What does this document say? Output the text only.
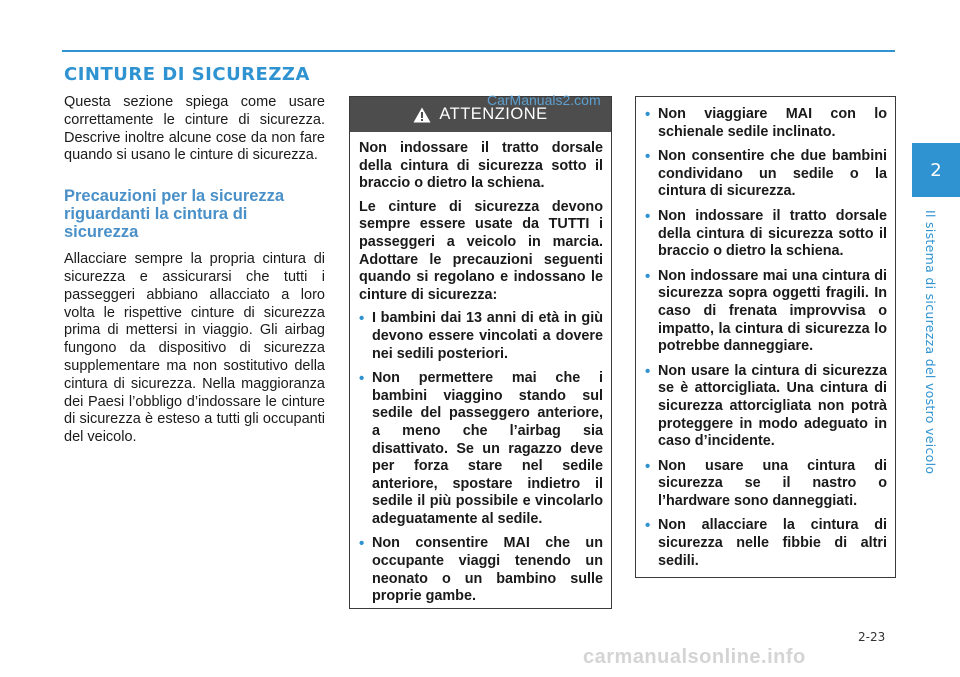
CINTURE DI SICUREZZA

Questa sezione spiega come usare correttamente le cinture di sicurezza. Descrive inoltre alcune cose da non fare quando si usano le cinture di sicurezza.

Precauzioni per la sicurezza riguardanti la cintura di sicurezza

Allacciare sempre la propria cintura di sicurezza e assicurarsi che tutti i passeggeri abbiano allacciato a loro volta le rispettive cinture di sicurezza prima di mettersi in viaggio. Gli airbag fungono da dispositivo di sicurezza supplementare ma non sostitutivo della cintura di sicurezza. Nella maggioranza dei Paesi l’obbligo d’indossare le cinture di sicurezza è esteso a tutti gli occupanti del veicolo.

ATTENZIONE

Non indossare il tratto dorsale della cintura di sicurezza sotto il braccio o dietro la schiena.

Le cinture di sicurezza devono sempre essere usate da TUTTI i passeggeri a veicolo in marcia. Adottare le precauzioni seguenti quando si regolano e indossano le cinture di sicurezza:

• I bambini dai 13 anni di età in giù devono essere vincolati a dovere nei sedili posteriori.
• Non permettere mai che i bambini viaggino stando sul sedile del passeggero anteriore, a meno che l’airbag sia disattivato. Se un ragazzo deve per forza stare nel sedile anteriore, spostare indietro il sedile il più possibile e vincolarlo adeguatamente al sedile.
• Non consentire MAI che un occupante viaggi tenendo un neonato o un bambino sulle proprie gambe.
• Non viaggiare MAI con lo schienale sedile inclinato.
• Non consentire che due bambini condividano un sedile o la cintura di sicurezza.
• Non indossare il tratto dorsale della cintura di sicurezza sotto il braccio o dietro la schiena.
• Non indossare mai una cintura di sicurezza sopra oggetti fragili. In caso di frenata improvvisa o impatto, la cintura di sicurezza lo potrebbe danneggiare.
• Non usare la cintura di sicurezza se è attorcigliata. Una cintura di sicurezza attorcigliata non potrà proteggere in modo adeguato in caso d’incidente.
• Non usare una cintura di sicurezza se il nastro o l’hardware sono danneggiati.
• Non allacciare la cintura di sicurezza nelle fibbie di altri sedili.
CarManuals2.com
2
Il sistema di sicurezza del vostro veicolo
2-23
carmanualsonline.info
